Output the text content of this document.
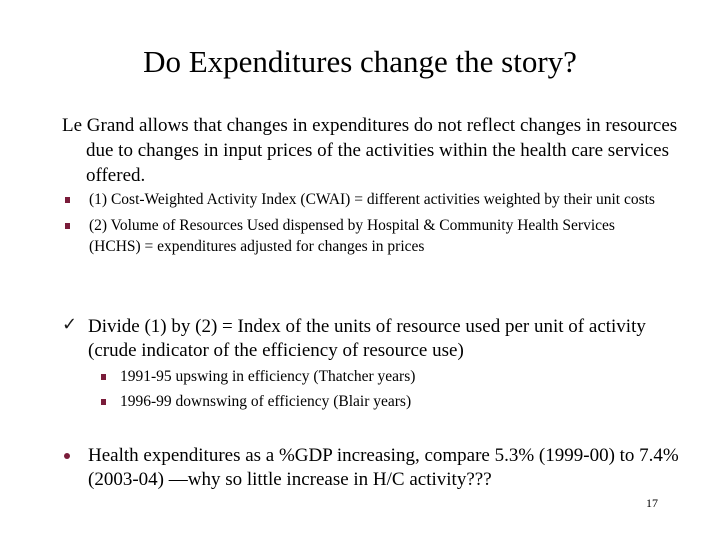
Do Expenditures change the story?
Le Grand allows that changes in expenditures do not reflect changes in resources due to changes in input prices of the activities within the health care services offered.
(1) Cost-Weighted Activity Index (CWAI) = different activities weighted by their unit costs
(2) Volume of Resources Used dispensed by Hospital & Community Health Services (HCHS) = expenditures adjusted for changes in prices
✓ Divide (1) by (2) = Index of the units of resource used per unit of activity (crude indicator of the efficiency of resource use)
1991-95 upswing in efficiency (Thatcher years)
1996-99 downswing of efficiency (Blair years)
Health expenditures as a %GDP increasing, compare 5.3% (1999-00) to 7.4% (2003-04) —why so little increase in H/C activity???
17
